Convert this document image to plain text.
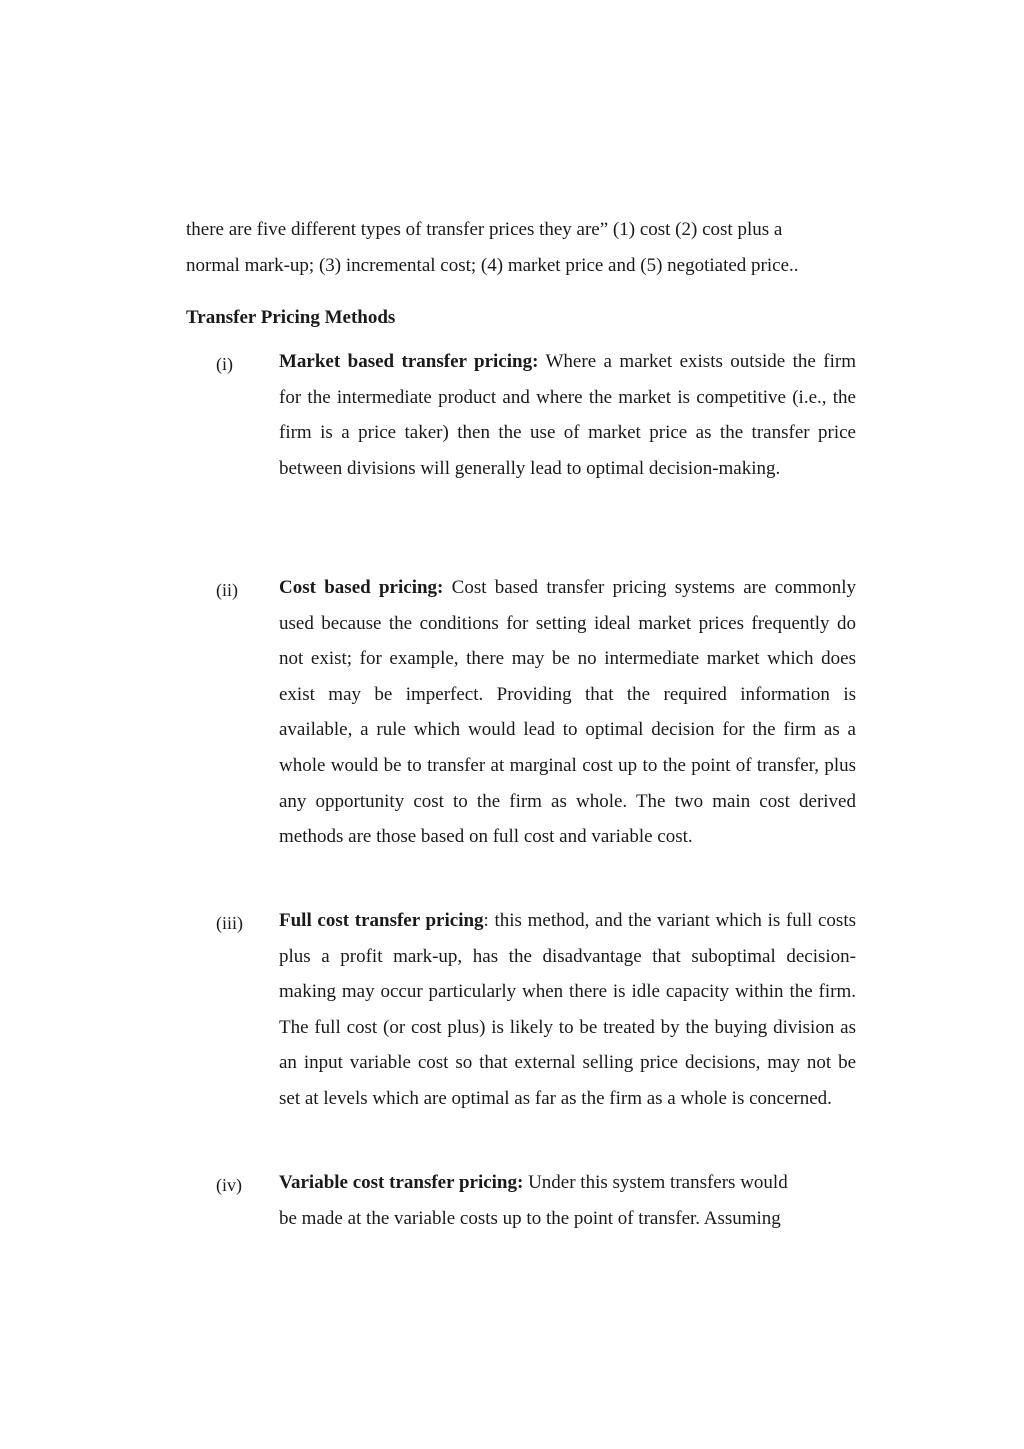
there are five different types of transfer prices they are” (1) cost (2) cost plus a
normal mark-up; (3) incremental cost; (4) market price and (5) negotiated price..

Transfer Pricing Methods
(i) Market based transfer pricing: Where a market exists outside the firm for the intermediate product and where the market is competitive (i.e., the firm is a price taker) then the use of market price as the transfer price between divisions will generally lead to optimal decision-making.

(ii) Cost based pricing: Cost based transfer pricing systems are commonly used because the conditions for setting ideal market prices frequently do not exist; for example, there may be no intermediate market which does exist may be imperfect. Providing that the required information is available, a rule which would lead to optimal decision for the firm as a whole would be to transfer at marginal cost up to the point of transfer, plus any opportunity cost to the firm as whole. The two main cost derived methods are those based on full cost and variable cost.

(iii) Full cost transfer pricing: this method, and the variant which is full costs plus a profit mark-up, has the disadvantage that suboptimal decision-making may occur particularly when there is idle capacity within the firm. The full cost (or cost plus) is likely to be treated by the buying division as an input variable cost so that external selling price decisions, may not be set at levels which are optimal as far as the firm as a whole is concerned.

(iv) Variable cost transfer pricing: Under this system transfers would
be made at the variable costs up to the point of transfer. Assuming
